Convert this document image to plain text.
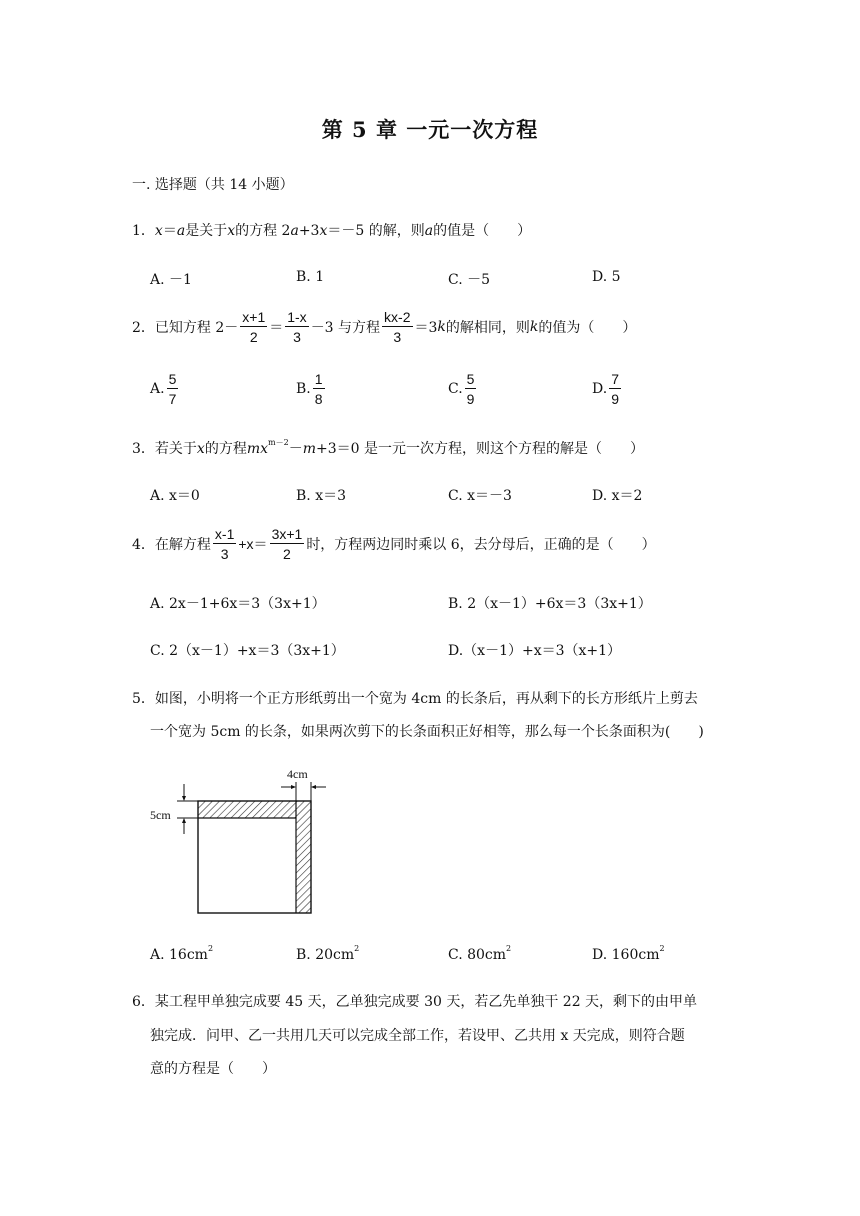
第 5 章 一元一次方程
一. 选择题（共 14 小题）
1．x＝a是关于x的方程 2a+3x＝－5 的解，则a的值是（　　）
A. －1	B. 1	C. －5	D. 5
2．已知方程 $2- \frac{x+1}{2} = \frac{1-x}{3} -3$ 与方程 $\frac{kx-2}{3} =3$ k 的解相同，则 k 的值为（　　）
A. $\frac{5}{7}$	B. $\frac{1}{8}$	C. $\frac{5}{9}$	D. $\frac{7}{9}$
3．若关于x的方程$mx^{m-2}-m+3=0$ 是一元一次方程，则这个方程的解是（　　）
A. x＝0	B. x＝3	C. x＝－3	D. x＝2
4．在解方程 $\frac{x-1}{3} +x= \frac{3x+1}{2}$ 时，方程两边同时乘以 6，去分母后，正确的是（　　）
A. 2x－1+6x＝3（3x+1）	B. 2（x－1）+6x＝3（3x+1）
C. 2（x－1）+x＝3（3x+1）	D.（x－1）+x＝3（x+1）
5．如图，小明将一个正方形纸剪出一个宽为 4cm 的长条后，再从剩下的长方形纸片上剪去
一个宽为 5cm 的长条，如果两次剪下的长条面积正好相等，那么每一个长条面积为(　　)
4cm
5cm
A. $16cm^2$	B. $20cm^2$	C. $80cm^2$	D. $160cm^2$
6．某工程甲单独完成要 45 天，乙单独完成要 30 天，若乙先单独干 22 天，剩下的由甲单
独完成．问甲、乙一共用几天可以完成全部工作，若设甲、乙共用 x 天完成，则符合题
意的方程是（　　）
